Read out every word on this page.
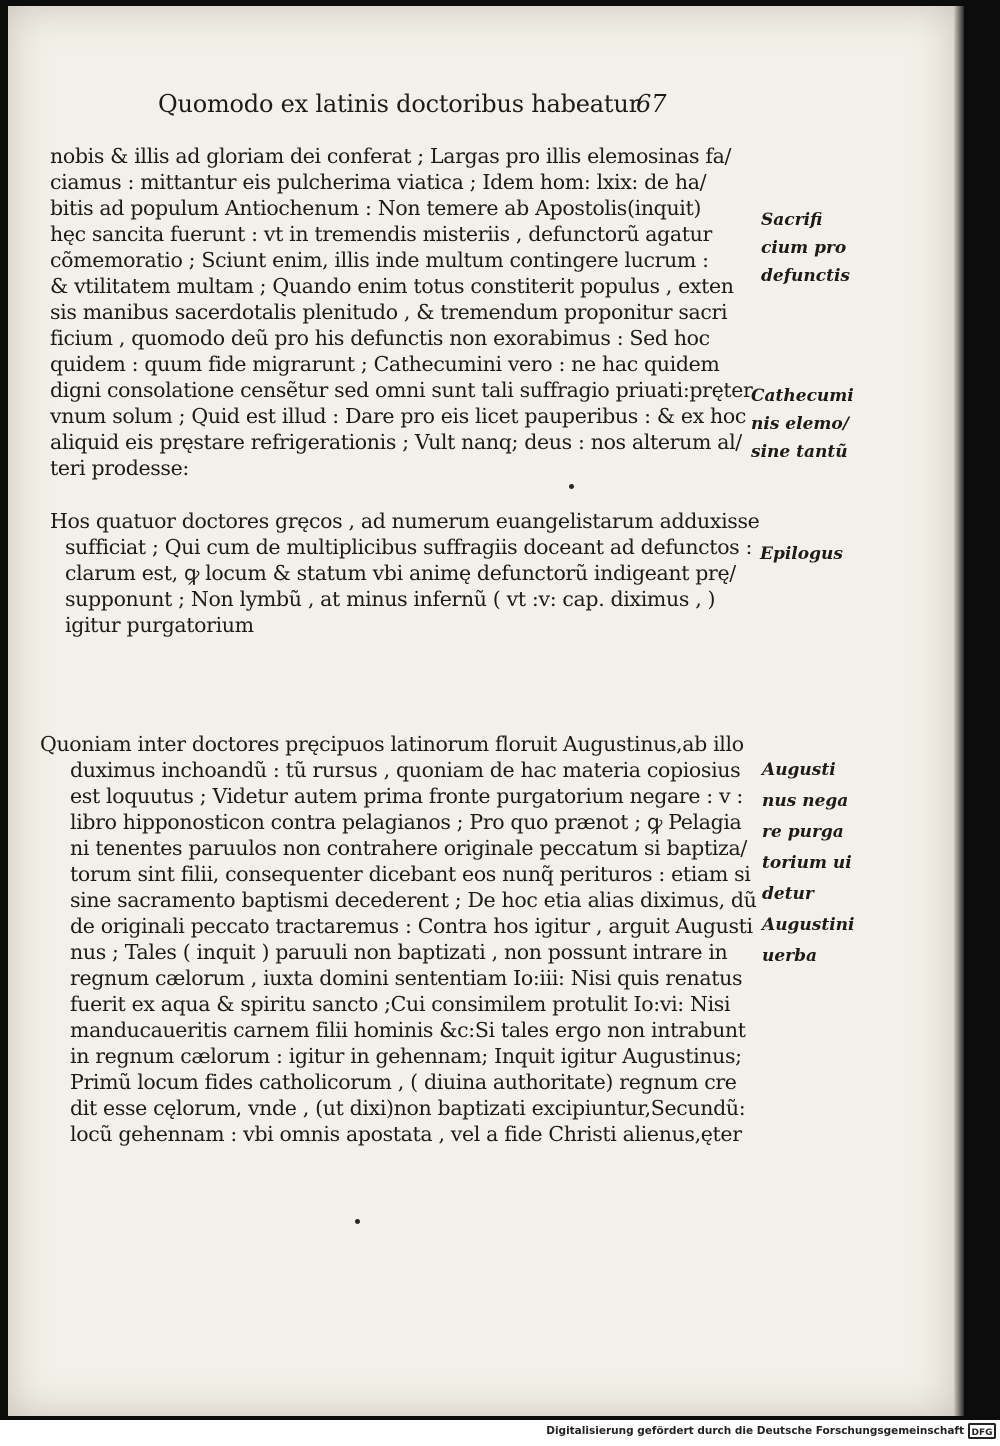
Quomodo ex latinis doctoribus habeatur
67
nobis & illis ad gloriam dei conferat ; Largas pro illis elemosinas fa/
ciamus : mittantur eis pulcherima viatica ; Idem hom: lxix: de ha/
bitis ad populum Antiochenum : Non temere ab Apostolis(inquit)
hęc sancita fuerunt : vt in tremendis misteriis , defunctorũ agatur
cõmemoratio ; Sciunt enim, illis inde multum contingere lucrum :
& vtilitatem multam ; Quando enim totus constiterit populus , exten
sis manibus sacerdotalis plenitudo , & tremendum proponitur sacri
ficium , quomodo deũ pro his defunctis non exorabimus : Sed hoc
quidem : quum fide migrarunt ; Cathecumini vero : ne hac quidem
digni consolatione censẽtur sed omni sunt tali suffragio priuati:pręter
vnum solum ; Quid est illud : Dare pro eis licet pauperibus : & ex hoc
aliquid eis pręstare refrigerationis ; Vult nanq; deus : nos alterum al/
teri prodesse:
Hos quatuor doctores gręcos , ad numerum euangelistarum adduxisse
sufficiat ; Qui cum de multiplicibus suffragiis doceant ad defunctos :
clarum est, ꝙ locum & statum vbi animę defunctorũ indigeant prę/
supponunt ; Non lymbũ , at minus infernũ ( vt :v: cap. diximus , )
igitur purgatorium
Quoniam inter doctores pręcipuos latinorum floruit Augustinus,ab illo
duximus inchoandũ : tũ rursus , quoniam de hac materia copiosius
est loquutus ; Videtur autem prima fronte purgatorium negare : v :
libro hipponosticon contra pelagianos ; Pro quo prænot ; ꝙ Pelagia
ni tenentes paruulos non contrahere originale peccatum si baptiza/
torum sint filii, consequenter dicebant eos nunq̃ perituros : etiam si
sine sacramento baptismi decederent ; De hoc etia alias diximus, dũ
de originali peccato tractaremus : Contra hos igitur , arguit Augusti
nus ; Tales ( inquit ) paruuli non baptizati , non possunt intrare in
regnum cælorum , iuxta domini sententiam Io:iii: Nisi quis renatus
fuerit ex aqua & spiritu sancto ;Cui consimilem protulit Io:vi: Nisi
manducaueritis carnem filii hominis &c:Si tales ergo non intrabunt
in regnum cælorum : igitur in gehennam; Inquit igitur Augustinus;
Primũ locum fides catholicorum , ( diuina authoritate) regnum cre
dit esse cęlorum, vnde , (ut dixi)non baptizati excipiuntur,Secundũ:
locũ gehennam : vbi omnis apostata , vel a fide Christi alienus,ęter
Sacrifi
cium pro
defunctis
Cathecumi
nis elemo/
sine tantũ
Epilogus
Augusti
nus nega
re purga
torium ui
detur
Augustini
uerba
Digitalisierung gefördert durch die Deutsche Forschungsgemeinschaft DFG
